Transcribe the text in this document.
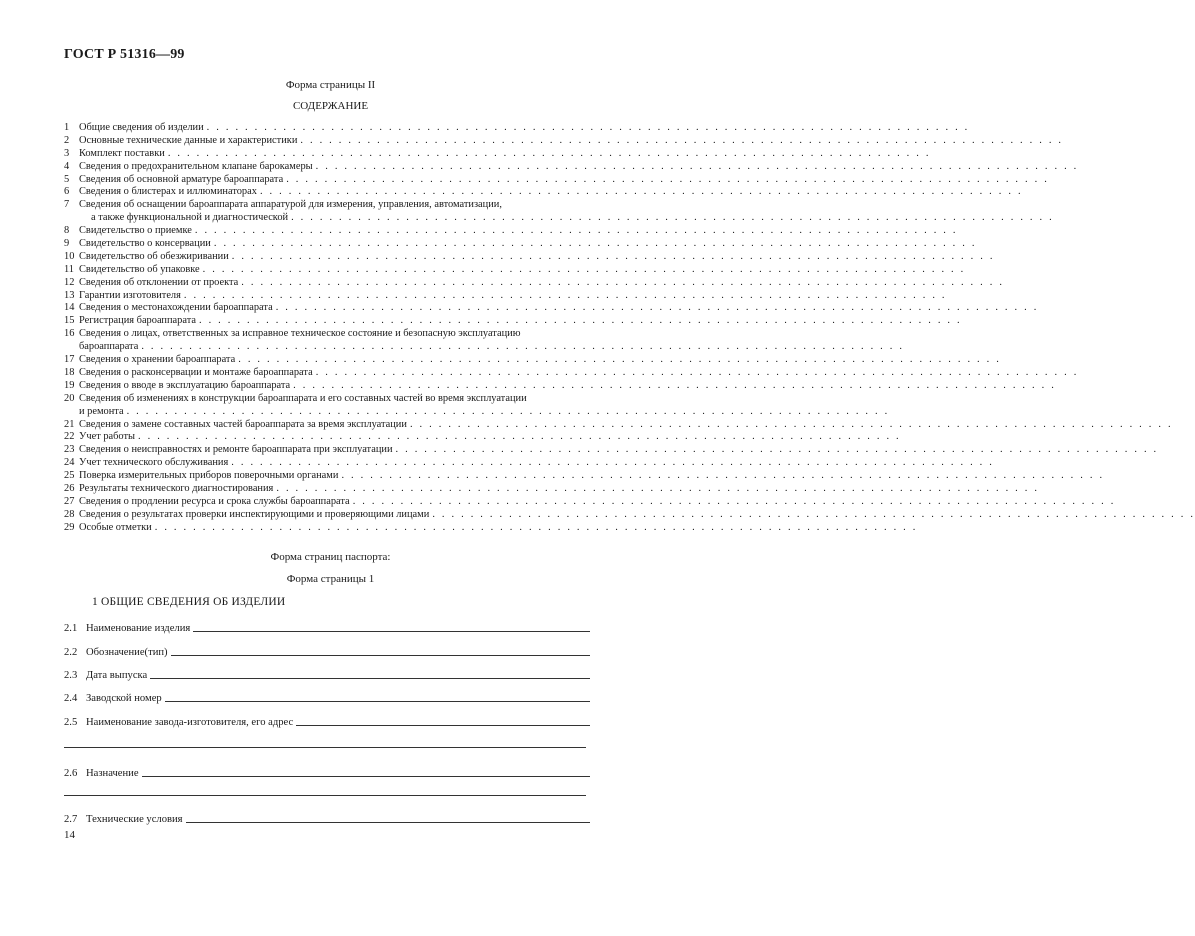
ГОСТ Р 51316—99
Форма страницы II
СОДЕРЖАНИЕ
1 Общие сведения об изделии . . . . . . . . . . . . . . . . . . . . . . . . . . . . . . . . . . . . . . . . . . . . . . . . . . . . . . . . . . . . . . . . . . . . . . . . . . . . . . . .
2 Основные технические данные и характеристики . . . . . . . . . . . . . . . . . . . . . . . . . . . . . . . . . . . . . . . . . . . . . . . . . . . . . . . . . . . . . . . . . . . . . . . . . . . . . . . .
3 Комплект поставки . . . . . . . . . . . . . . . . . . . . . . . . . . . . . . . . . . . . . . . . . . . . . . . . . . . . . . . . . . . . . . . . . . . . . . . . . . . . . . . .
4 Сведения о предохранительном клапане барокамеры . . . . . . . . . . . . . . . . . . . . . . . . . . . . . . . . . . . . . . . . . . . . . . . . . . . . . . . . . . . . . . . . . . . . . . . . . . . . . . . .
5 Сведения об основной арматуре бароаппарата . . . . . . . . . . . . . . . . . . . . . . . . . . . . . . . . . . . . . . . . . . . . . . . . . . . . . . . . . . . . . . . . . . . . . . . . . . . . . . . .
6 Сведения о блистерах и иллюминаторах . . . . . . . . . . . . . . . . . . . . . . . . . . . . . . . . . . . . . . . . . . . . . . . . . . . . . . . . . . . . . . . . . . . . . . . . . . . . . . . .
7 Сведения об оснащении бароаппарата аппаратурой для измерения, управления, автоматизации,
а также функциональной и диагностической . . . . . . . . . . . . . . . . . . . . . . . . . . . . . . . . . . . . . . . . . . . . . . . . . . . . . . . . . . . . . . . . . . . . . . . . . . . . . . . .
8 Свидетельство о приемке . . . . . . . . . . . . . . . . . . . . . . . . . . . . . . . . . . . . . . . . . . . . . . . . . . . . . . . . . . . . . . . . . . . . . . . . . . . . . . . .
9 Свидетельство о консервации . . . . . . . . . . . . . . . . . . . . . . . . . . . . . . . . . . . . . . . . . . . . . . . . . . . . . . . . . . . . . . . . . . . . . . . . . . . . . . . .
10 Свидетельство об обезжиривании . . . . . . . . . . . . . . . . . . . . . . . . . . . . . . . . . . . . . . . . . . . . . . . . . . . . . . . . . . . . . . . . . . . . . . . . . . . . . . . .
11 Свидетельство об упаковке . . . . . . . . . . . . . . . . . . . . . . . . . . . . . . . . . . . . . . . . . . . . . . . . . . . . . . . . . . . . . . . . . . . . . . . . . . . . . . . .
12 Сведения об отклонении от проекта . . . . . . . . . . . . . . . . . . . . . . . . . . . . . . . . . . . . . . . . . . . . . . . . . . . . . . . . . . . . . . . . . . . . . . . . . . . . . . . .
13 Гарантии изготовителя . . . . . . . . . . . . . . . . . . . . . . . . . . . . . . . . . . . . . . . . . . . . . . . . . . . . . . . . . . . . . . . . . . . . . . . . . . . . . . . .
14 Сведения о местонахождении бароаппарата . . . . . . . . . . . . . . . . . . . . . . . . . . . . . . . . . . . . . . . . . . . . . . . . . . . . . . . . . . . . . . . . . . . . . . . . . . . . . . . .
15 Регистрация бароаппарата . . . . . . . . . . . . . . . . . . . . . . . . . . . . . . . . . . . . . . . . . . . . . . . . . . . . . . . . . . . . . . . . . . . . . . . . . . . . . . . .
16 Сведения о лицах, ответственных за исправное техническое состояние и безопасную эксплуатацию
бароаппарата . . . . . . . . . . . . . . . . . . . . . . . . . . . . . . . . . . . . . . . . . . . . . . . . . . . . . . . . . . . . . . . . . . . . . . . . . . . . . . . .
17 Сведения о хранении бароаппарата . . . . . . . . . . . . . . . . . . . . . . . . . . . . . . . . . . . . . . . . . . . . . . . . . . . . . . . . . . . . . . . . . . . . . . . . . . . . . . . .
18 Сведения о расконсервации и монтаже бароаппарата . . . . . . . . . . . . . . . . . . . . . . . . . . . . . . . . . . . . . . . . . . . . . . . . . . . . . . . . . . . . . . . . . . . . . . . . . . . . . . . .
19 Сведения о вводе в эксплуатацию бароаппарата . . . . . . . . . . . . . . . . . . . . . . . . . . . . . . . . . . . . . . . . . . . . . . . . . . . . . . . . . . . . . . . . . . . . . . . . . . . . . . . .
20 Сведения об изменениях в конструкции бароаппарата и его составных частей во время эксплуатации
и ремонта . . . . . . . . . . . . . . . . . . . . . . . . . . . . . . . . . . . . . . . . . . . . . . . . . . . . . . . . . . . . . . . . . . . . . . . . . . . . . . . .
21 Сведения о замене составных частей бароаппарата за время эксплуатации . . . . . . . . . . . . . . . . . . . . . . . . . . . . . . . . . . . . . . . . . . . . . . . . . . . . . . . . . . . . . . . . . . . . . . . . . . . . . . . .
22 Учет работы . . . . . . . . . . . . . . . . . . . . . . . . . . . . . . . . . . . . . . . . . . . . . . . . . . . . . . . . . . . . . . . . . . . . . . . . . . . . . . . .
23 Сведения о неисправностях и ремонте бароаппарата при эксплуатации . . . . . . . . . . . . . . . . . . . . . . . . . . . . . . . . . . . . . . . . . . . . . . . . . . . . . . . . . . . . . . . . . . . . . . . . . . . . . . . .
24 Учет технического обслуживания . . . . . . . . . . . . . . . . . . . . . . . . . . . . . . . . . . . . . . . . . . . . . . . . . . . . . . . . . . . . . . . . . . . . . . . . . . . . . . . .
25 Поверка измерительных приборов поверочными органами . . . . . . . . . . . . . . . . . . . . . . . . . . . . . . . . . . . . . . . . . . . . . . . . . . . . . . . . . . . . . . . . . . . . . . . . . . . . . . . .
26 Результаты технического диагностирования . . . . . . . . . . . . . . . . . . . . . . . . . . . . . . . . . . . . . . . . . . . . . . . . . . . . . . . . . . . . . . . . . . . . . . . . . . . . . . . .
27 Сведения о продлении ресурса и срока службы бароаппарата . . . . . . . . . . . . . . . . . . . . . . . . . . . . . . . . . . . . . . . . . . . . . . . . . . . . . . . . . . . . . . . . . . . . . . . . . . . . . . . .
28 Сведения о результатах проверки инспектирующими и проверяющими лицами . . . . . . . . . . . . . . . . . . . . . . . . . . . . . . . . . . . . . . . . . . . . . . . . . . . . . . . . . . . . . . . . . . . . . . . . . . . . . . . .
29 Особые отметки . . . . . . . . . . . . . . . . . . . . . . . . . . . . . . . . . . . . . . . . . . . . . . . . . . . . . . . . . . . . . . . . . . . . . . . . . . . . . . . .
Форма страниц паспорта:
Форма страницы 1
1 ОБЩИЕ СВЕДЕНИЯ ОБ ИЗДЕЛИИ
2.1 Наименование изделия
2.2 Обозначение(тип)
2.3 Дата выпуска
2.4 Заводской номер
2.5 Наименование завода-изготовителя, его адрес
2.6 Назначение
2.7 Технические условия
14
